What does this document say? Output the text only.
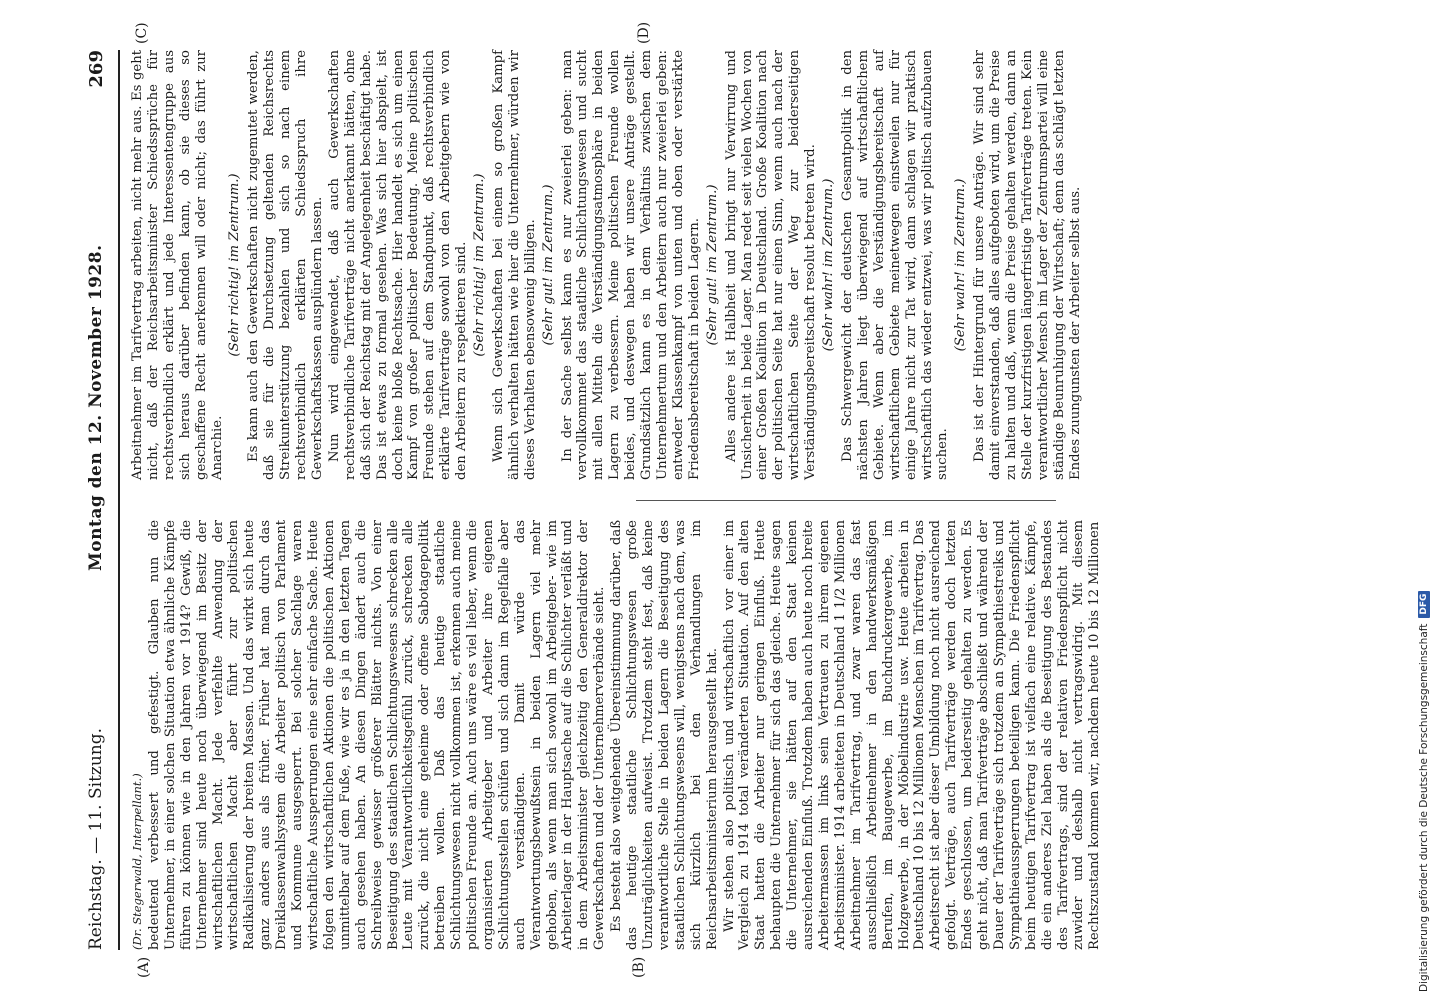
Reichstag. — 11. Sitzung.
Montag den 12. November 1928.
269
(A)	(B)
(C)	(D)

(Dr. Stegerwald, Interpellant.) bedeutend verbessert und gefestigt. Glauben nun die Unternehmer, in einer solchen Situation etwa ähnliche Kämpfe führen zu können wie in den Jahren vor 1914? Gewiß, die Unternehmer sind heute noch überwiegend im Besitz der wirtschaftlichen Macht. Jede verfehlte Anwendung der wirtschaftlichen Macht aber führt zur politischen Radikalisierung der breiten Massen. Und das wirkt sich heute ganz anders aus als früher. Früher hat man durch das Dreiklassenwahlsystem die Arbeiter politisch von Parlament und Kommune ausgesperrt. Bei solcher Sachlage waren wirtschaftliche Aussperrungen eine sehr einfache Sache. Heute folgen den wirtschaftlichen Aktionen die politischen Aktionen unmittelbar auf dem Fuße, wie wir es ja in den letzten Tagen auch gesehen haben. An diesen Dingen ändert auch die Schreibweise gewisser größerer Blätter nichts. Von einer Beseitigung des staatlichen Schlichtungswesens schrecken alle Leute mit Verantwortlichkeitsgefühl zurück, schrecken alle zurück, die nicht eine geheime oder offene Sabotagepolitik betreiben wollen. Daß das heutige staatliche Schlichtungswesen nicht vollkommen ist, erkennen auch meine politischen Freunde an. Auch uns wäre es viel lieber, wenn die organisierten Arbeitgeber und Arbeiter ihre eigenen Schlichtungsstellen schüfen und sich dann im Regelfalle aber auch verständigten. Damit würde das Verantwortungsbewußtsein in beiden Lagern viel mehr gehoben, als wenn man sich sowohl im Arbeitgeber- wie im Arbeiterlager in der Hauptsache auf die Schlichter verläßt und in dem Arbeitsminister gleichzeitig den Generaldirektor der Gewerkschaften und der Unternehmerverbände sieht. Es besteht also weitgehende Übereinstimmung darüber, daß das heutige staatliche Schlichtungswesen große Unzuträglichkeiten aufweist. Trotzdem steht fest, daß keine verantwortliche Stelle in beiden Lagern die Beseitigung des staatlichen Schlichtungswesens will, wenigstens nach dem, was sich kürzlich bei den Verhandlungen im Reichsarbeitsministerium herausgestellt hat. Wir stehen also politisch und wirtschaftlich vor einer im Vergleich zu 1914 total veränderten Situation. Auf den alten Staat hatten die Arbeiter nur geringen Einfluß. Heute behaupten die Unternehmer für sich das gleiche. Heute sagen die Unternehmer, sie hätten auf den Staat keinen ausreichenden Einfluß. Trotzdem haben auch heute noch breite Arbeitermassen im links sein Vertrauen zu ihrem eigenen Arbeitsminister. 1914 arbeiteten in Deutschland 1 1/2 Millionen Arbeitnehmer im Tarifvertrag, und zwar waren das fast ausschließlich Arbeitnehmer in den handwerksmäßigen Berufen, im Baugewerbe, im Buchdruckergewerbe, im Holzgewerbe, in der Möbelindustrie usw. Heute arbeiten in Deutschland 10 bis 12 Millionen Menschen im Tarifvertrag. Das Arbeitsrecht ist aber dieser Umbildung noch nicht ausreichend gefolgt. Verträge, auch Tarifverträge werden doch letzten Endes geschlossen, um beiderseitig gehalten zu werden. Es geht nicht, daß man Tarifverträge abschließt und während der Dauer der Tarifverträge sich trotzdem an Sympathiestreiks und Sympathieaussperrungen beteiligen kann. Die Friedenspflicht beim heutigen Tarifvertrag ist vielfach eine relative. Kämpfe, die ein anderes Ziel haben als die Beseitigung des Bestandes des Tarifvertrags, sind der relativen Friedenspflicht nicht zuwider und deshalb nicht vertragswidrig. Mit diesem Rechtszustand kommen wir, nachdem heute 10 bis 12 Millionen

Arbeitnehmer im Tarifvertrag arbeiten, nicht mehr aus. Es geht nicht, daß der Reichsarbeitsminister Schiedssprüche für rechtsverbindlich erklärt und jede Interessentengruppe aus sich heraus darüber befinden kann, ob sie dieses so geschaffene Recht anerkennen will oder nicht; das führt zur Anarchie.

(Sehr richtig! im Zentrum.) Es kann auch den Gewerkschaften nicht zugemutet werden, daß sie für die Durchsetzung geltenden Reichsrechts Streikunterstützung bezahlen und sich so nach einem rechtsverbindlich erklärten Schiedsspruch ihre Gewerkschaftskassen ausplündern lassen. Nun wird eingewendet, daß auch Gewerkschaften rechtsverbindliche Tarifverträge nicht anerkannt hätten, ohne daß sich der Reichstag mit der Angelegenheit beschäftigt habe. Das ist etwas zu formal gesehen. Was sich hier abspielt, ist doch keine bloße Rechtssache. Hier handelt es sich um einen Kampf von großer politischer Bedeutung. Meine politischen Freunde stehen auf dem Standpunkt, daß rechtsverbindlich erklärte Tarifverträge sowohl von den Arbeitgebern wie von den Arbeitern zu respektieren sind. (Sehr richtig! im Zentrum.) Wenn sich Gewerkschaften bei einem so großen Kampf ähnlich verhalten hätten wie hier die Unternehmer, würden wir dieses Verhalten ebensowenig billigen. (Sehr gut! im Zentrum.) In der Sache selbst kann es nur zweierlei geben: man vervollkommnet das staatliche Schlichtungswesen und sucht mit allen Mitteln die Verständigungsatmosphäre in beiden Lagern zu verbessern. Meine politischen Freunde wollen beides, und deswegen haben wir unsere Anträge gestellt. Grundsätzlich kann es in dem Verhältnis zwischen dem Unternehmertum und den Arbeitern auch nur zweierlei geben: entweder Klassenkampf von unten und oben oder verstärkte Friedensbereitschaft in beiden Lagern. (Sehr gut! im Zentrum.) Alles andere ist Halbheit und bringt nur Verwirrung und Unsicherheit in beide Lager. Man redet seit vielen Wochen von einer Großen Koalition in Deutschland. Große Koalition nach der politischen Seite hat nur einen Sinn, wenn auch nach der wirtschaftlichen Seite der Weg zur beiderseitigen Verständigungsbereitschaft resolut betreten wird. (Sehr wahr! im Zentrum.) Das Schwergewicht der deutschen Gesamtpolitik in den nächsten Jahren liegt überwiegend auf wirtschaftlichem Gebiete. Wenn aber die Verständigungsbereitschaft auf wirtschaftlichem Gebiete meinetwegen einstweilen nur für einige Jahre nicht zur Tat wird, dann schlagen wir praktisch wirtschaftlich das wieder entzwei, was wir politisch aufzubauen suchen.

(Sehr wahr! im Zentrum.) Das ist der Hintergrund für unsere Anträge. Wir sind sehr damit einverstanden, daß alles aufgeboten wird, um die Preise zu halten und daß, wenn die Preise gehalten werden, dann an Stelle der kurzfristigen längerfristige Tarifverträge treten. Kein verantwortlicher Mensch im Lager der Zentrumspartei will eine ständige Beunruhigung der Wirtschaft; denn das schlägt letzten Endes zuungunsten der Arbeiter selbst aus.

Digitalisierung gefördert durch die Deutsche Forschungsgemeinschaft
DFG
